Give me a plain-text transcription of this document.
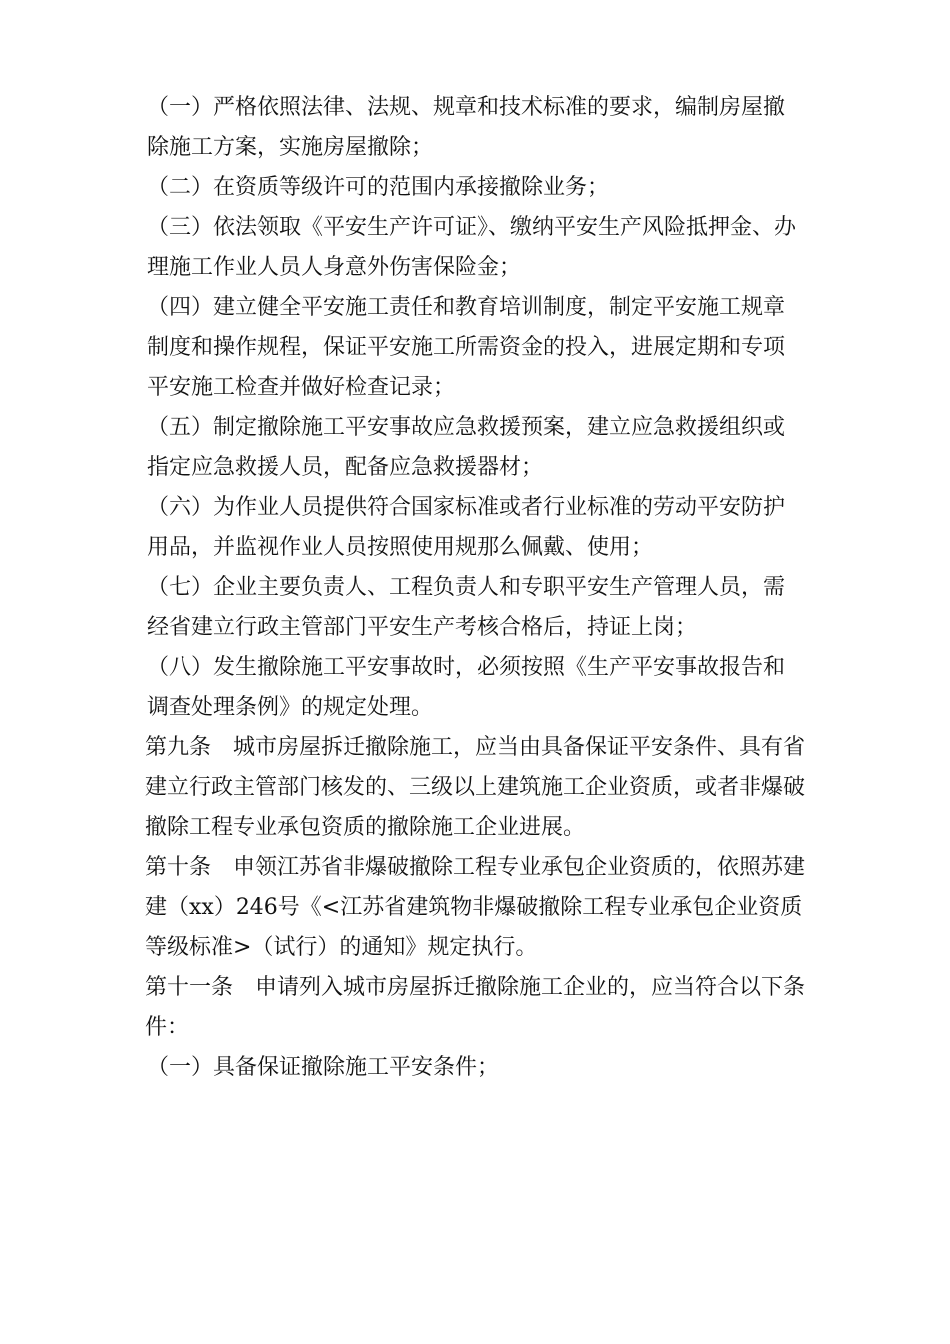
（一）严格依照法律、法规、规章和技术标准的要求，编制房屋撤除施工方案，实施房屋撤除；

（二）在资质等级许可的范围内承接撤除业务；

（三）依法领取《平安生产许可证》、缴纳平安生产风险抵押金、办理施工作业人员人身意外伤害保险金；

（四）建立健全平安施工责任和教育培训制度，制定平安施工规章制度和操作规程，保证平安施工所需资金的投入，进展定期和专项平安施工检查并做好检查记录；

（五）制定撤除施工平安事故应急救援预案，建立应急救援组织或指定应急救援人员，配备应急救援器材；

（六）为作业人员提供符合国家标准或者行业标准的劳动平安防护用品，并监视作业人员按照使用规那么佩戴、使用；

（七）企业主要负责人、工程负责人和专职平安生产管理人员，需经省建立行政主管部门平安生产考核合格后，持证上岗；

（八）发生撤除施工平安事故时，必须按照《生产平安事故报告和调查处理条例》的规定处理。

第九条　城市房屋拆迁撤除施工，应当由具备保证平安条件、具有省建立行政主管部门核发的、三级以上建筑施工企业资质，或者非爆破撤除工程专业承包资质的撤除施工企业进展。

第十条　申领江苏省非爆破撤除工程专业承包企业资质的，依照苏建建（xx）246号《<江苏省建筑物非爆破撤除工程专业承包企业资质等级标准>（试行）的通知》规定执行。

第十一条　申请列入城市房屋拆迁撤除施工企业的，应当符合以下条件：

（一）具备保证撤除施工平安条件；
